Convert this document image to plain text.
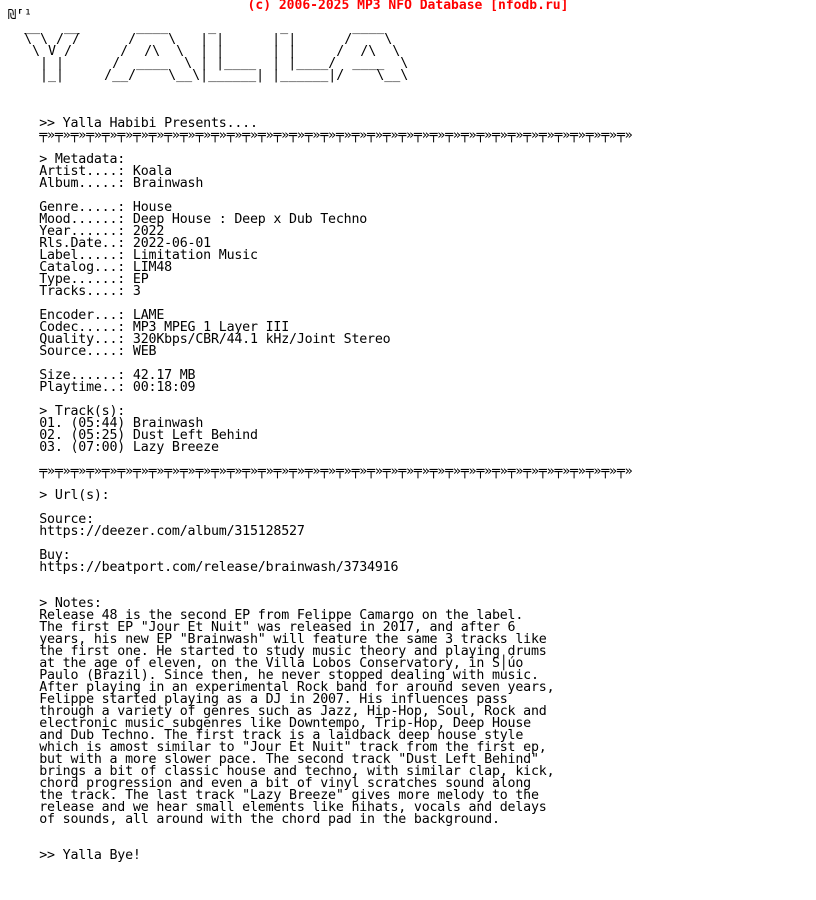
(c) 2006-2025 MP3 NFO Database [nfodb.ru]
₪⸢¹
__   __       ____     _        _        ____
\ \ / /      /    \   | |      | |      /    \
\ V /      /  /\  \  | |      | |     /  /\  \
| |      /  ____  \ | |____  | |____/  ____  \
|_|     /__/    \__\|______| |______|/    \__\

>> Yalla Habibi Presents....
╤»╤»╤»╤»╤»╤»╤»╤»╤»╤»╤»╤»╤»╤»╤»╤»╤»╤»╤»╤»╤»╤»╤»╤»╤»╤»╤»╤»╤»╤»╤»╤»╤»╤»╤»╤»╤»╤»

> Metadata:
Artist....: Koala
Album.....: Brainwash

Genre.....: House
Mood......: Deep House : Deep x Dub Techno
Year......: 2022
Rls.Date..: 2022-06-01
Label.....: Limitation Music
Catalog...: LIM48
Type......: EP
Tracks....: 3

Encoder...: LAME
Codec.....: MP3 MPEG 1 Layer III
Quality...: 320Kbps/CBR/44.1 kHz/Joint Stereo
Source....: WEB

Size......: 42.17 MB
Playtime..: 00:18:09

> Track(s):
01. (05:44) Brainwash
02. (05:25) Dust Left Behind
03. (07:00) Lazy Breeze

╤»╤»╤»╤»╤»╤»╤»╤»╤»╤»╤»╤»╤»╤»╤»╤»╤»╤»╤»╤»╤»╤»╤»╤»╤»╤»╤»╤»╤»╤»╤»╤»╤»╤»╤»╤»╤»╤»

> Url(s):

Source:
https://deezer.com/album/315128527

Buy:
https://beatport.com/release/brainwash/3734916

> Notes:
Release 48 is the second EP from Felippe Camargo on the label.
The first EP "Jour Et Nuit" was released in 2017, and after 6
years, his new EP "Brainwash" will feature the same 3 tracks like
the first one. He started to study music theory and playing drums
at the age of eleven, on the Villa Lobos Conservatory, in S│úo
Paulo (Brazil). Since then, he never stopped dealing with music.
After playing in an experimental Rock band for around seven years,
Felippe started playing as a DJ in 2007. His influences pass
through a variety of genres such as Jazz, Hip-Hop, Soul, Rock and
electronic music subgenres like Downtempo, Trip-Hop, Deep House
and Dub Techno. The first track is a laidback deep house style
which is amost similar to "Jour Et Nuit" track from the first ep,
but with a more slower pace. The second track "Dust Left Behind"
brings a bit of classic house and techno, with similar clap, kick,
chord progression and even a bit of vinyl scratches sound along
the track. The last track "Lazy Breeze" gives more melody to the
release and we hear small elements like hihats, vocals and delays
of sounds, all around with the chord pad in the background.

>> Yalla Bye!
